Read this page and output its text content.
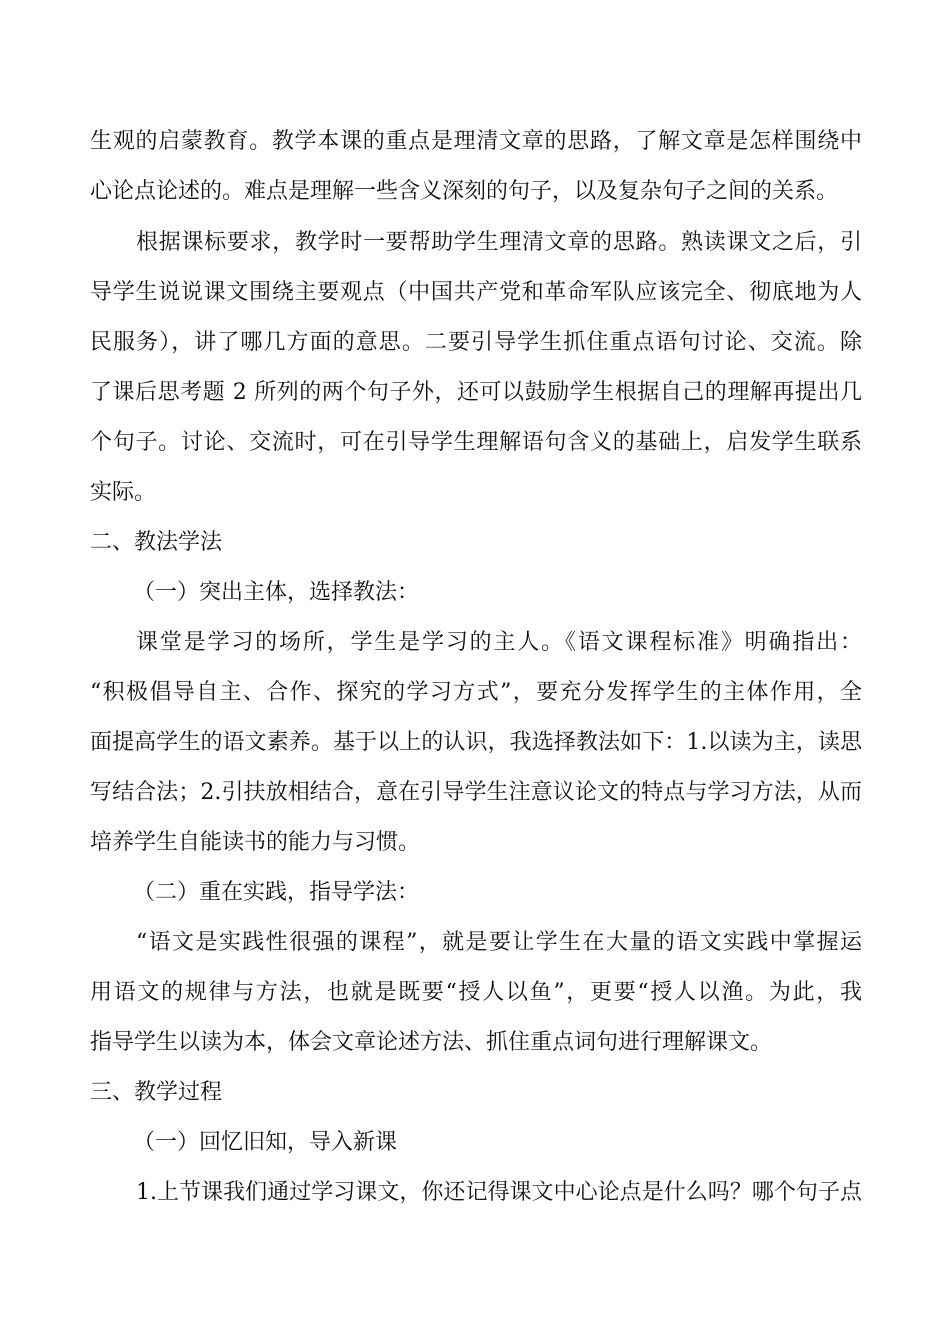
生观的启蒙教育。教学本课的重点是理清文章的思路，了解文章是怎样围绕中
心论点论述的。难点是理解一些含义深刻的句子，以及复杂句子之间的关系。
根据课标要求，教学时一要帮助学生理清文章的思路。熟读课文之后，引
导学生说说课文围绕主要观点（中国共产党和革命军队应该完全、彻底地为人
民服务），讲了哪几方面的意思。二要引导学生抓住重点语句讨论、交流。除
了课后思考题 2 所列的两个句子外，还可以鼓励学生根据自己的理解再提出几
个句子。讨论、交流时，可在引导学生理解语句含义的基础上，启发学生联系
实际。
二、教法学法
（一）突出主体，选择教法：
课堂是学习的场所，学生是学习的主人。《语文课程标准》明确指出：
“积极倡导自主、合作、探究的学习方式”，要充分发挥学生的主体作用，全
面提高学生的语文素养。基于以上的认识，我选择教法如下：1.以读为主，读思
写结合法；2.引扶放相结合，意在引导学生注意议论文的特点与学习方法，从而
培养学生自能读书的能力与习惯。
（二）重在实践，指导学法：
“语文是实践性很强的课程”，就是要让学生在大量的语文实践中掌握运
用语文的规律与方法，也就是既要“授人以鱼”，更要“授人以渔。为此，我
指导学生以读为本，体会文章论述方法、抓住重点词句进行理解课文。
三、教学过程
（一）回忆旧知，导入新课
1.上节课我们通过学习课文，你还记得课文中心论点是什么吗？哪个句子点
